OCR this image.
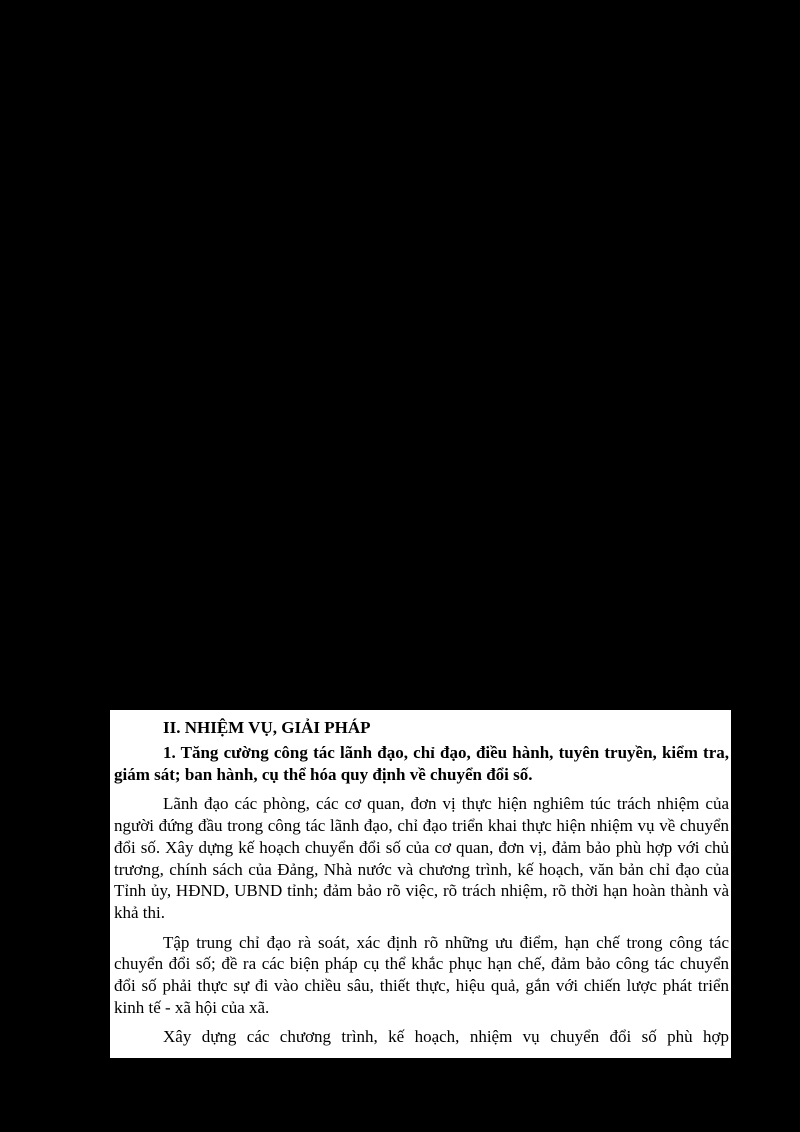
II. NHIỆM VỤ, GIẢI PHÁP

1. Tăng cường công tác lãnh đạo, chỉ đạo, điều hành, tuyên truyền, kiểm tra, giám sát; ban hành, cụ thể hóa quy định về chuyển đổi số.

Lãnh đạo các phòng, các cơ quan, đơn vị thực hiện nghiêm túc trách nhiệm của người đứng đầu trong công tác lãnh đạo, chỉ đạo triển khai thực hiện nhiệm vụ về chuyển đổi số. Xây dựng kế hoạch chuyển đổi số của cơ quan, đơn vị, đảm bảo phù hợp với chủ trương, chính sách của Đảng, Nhà nước và chương trình, kế hoạch, văn bản chỉ đạo của Tỉnh ủy, HĐND, UBND tỉnh; đảm bảo rõ việc, rõ trách nhiệm, rõ thời hạn hoàn thành và khả thi.

Tập trung chỉ đạo rà soát, xác định rõ những ưu điểm, hạn chế trong công tác chuyển đổi số; đề ra các biện pháp cụ thể khắc phục hạn chế, đảm bảo công tác chuyển đổi số phải thực sự đi vào chiều sâu, thiết thực, hiệu quả, gắn với chiến lược phát triển kinh tế - xã hội của xã.

Xây dựng các chương trình, kế hoạch, nhiệm vụ chuyển đổi số phù hợp
